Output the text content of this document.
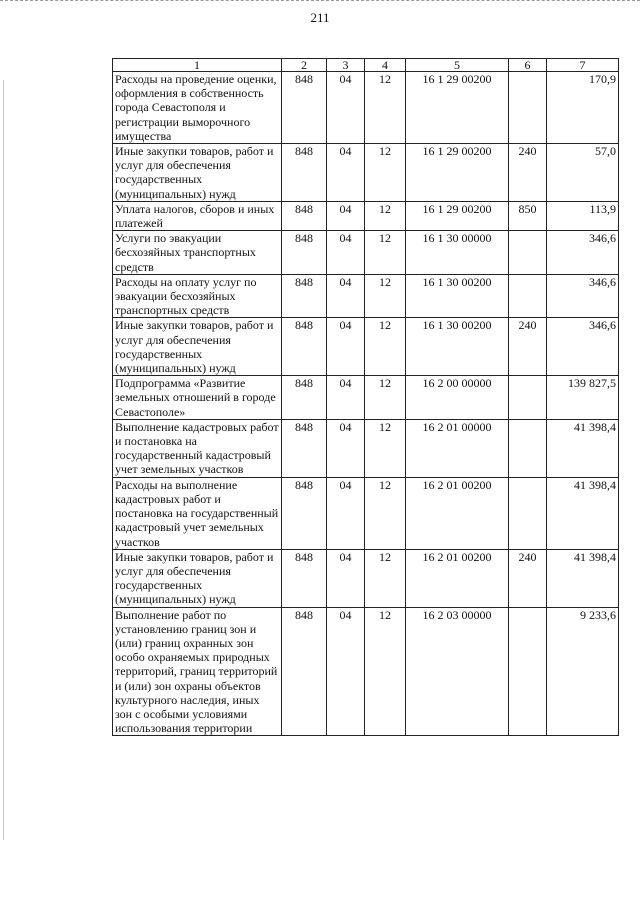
211
1	2	3	4	5	6	7
Расходы на проведение оценки, оформления в собственность города Севастополя и регистрации выморочного имущества	848	04	12	16 1 29 00200		170,9
Иные закупки товаров, работ и услуг для обеспечения государственных (муниципальных) нужд	848	04	12	16 1 29 00200	240	57,0
Уплата налогов, сборов и иных платежей	848	04	12	16 1 29 00200	850	113,9
Услуги по эвакуации бесхозяйных транспортных средств	848	04	12	16 1 30 00000		346,6
Расходы на оплату услуг по эвакуации бесхозяйных транспортных средств	848	04	12	16 1 30 00200		346,6
Иные закупки товаров, работ и услуг для обеспечения государственных (муниципальных) нужд	848	04	12	16 1 30 00200	240	346,6
Подпрограмма «Развитие земельных отношений в городе Севастополе»	848	04	12	16 2 00 00000		139 827,5
Выполнение кадастровых работ и постановка на государственный кадастровый учет земельных участков	848	04	12	16 2 01 00000		41 398,4
Расходы на выполнение кадастровых работ и постановка на государственный кадастровый учет земельных участков	848	04	12	16 2 01 00200		41 398,4
Иные закупки товаров, работ и услуг для обеспечения государственных (муниципальных) нужд	848	04	12	16 2 01 00200	240	41 398,4
Выполнение работ по установлению границ зон и (или) границ охранных зон особо охраняемых природных территорий, границ территорий и (или) зон охраны объектов культурного наследия, иных зон с особыми условиями использования территории	848	04	12	16 2 03 00000		9 233,6
